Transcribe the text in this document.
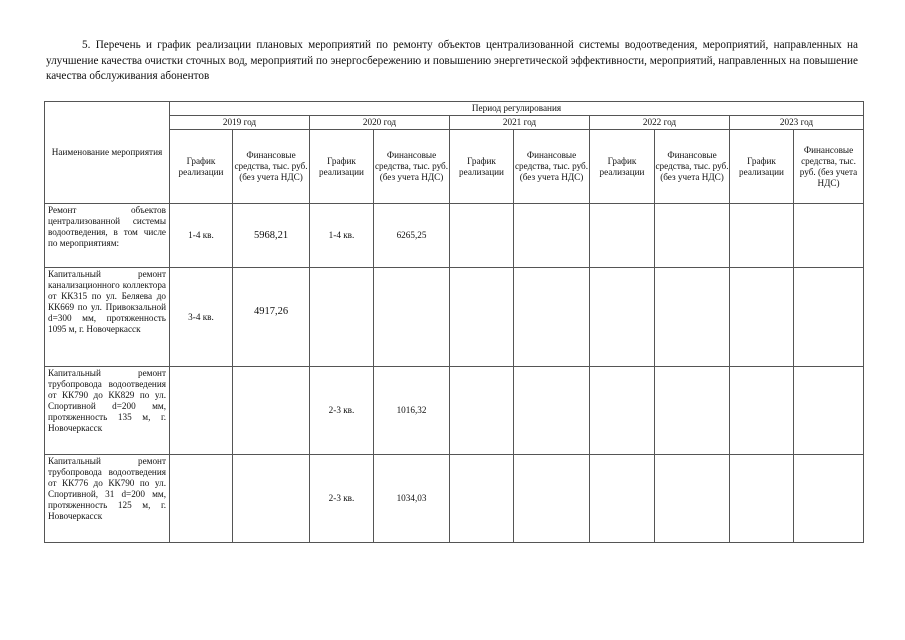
5. Перечень и график реализации плановых мероприятий по ремонту объектов централизованной системы водоотведения, мероприятий, направленных на улучшение качества очистки сточных вод, мероприятий по энергосбережению и повышению энергетической эффективности, мероприятий, направленных на повышение качества обслуживания абонентов

Наименование мероприятия	Период регулирования									
	2019 год		2020 год		2021 год		2022 год		2023 год	
	График реализации	Финансовые средства, тыс. руб. (без учета НДС)	График реализации	Финансовые средства, тыс. руб. (без учета НДС)	График реализации	Финансовые средства, тыс. руб. (без учета НДС)	График реализации	Финансовые средства, тыс. руб. (без учета НДС)	График реализации	Финансовые средства, тыс. руб. (без учета НДС)
Ремонт объектов централизованной системы водоотведения, в том числе по мероприятиям:	1-4 кв.	5968,21	1-4 кв.	6265,25						
Капитальный ремонт канализационного коллектора от КК315 по ул. Беляева до КК669 по ул. Привокзальной d=300 мм, протяженность 1095 м, г. Новочеркасск	3-4 кв.	4917,26								
Капитальный ремонт трубопровода водоотведения от КК790 до КК829 по ул. Спортивной d=200 мм, протяженность 135 м, г. Новочеркасск			2-3 кв.	1016,32						
Капитальный ремонт трубопровода водоотведения от КК776 до КК790 по ул. Спортивной, 31 d=200 мм, протяженность 125 м, г. Новочеркасск			2-3 кв.	1034,03						
